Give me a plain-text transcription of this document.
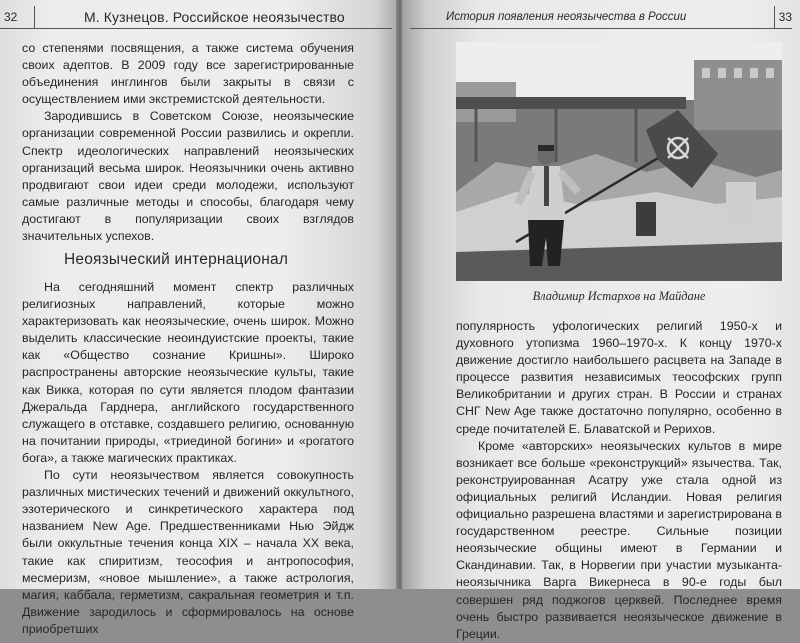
32	М. Кузнецов. Российское неоязычество

со степенями посвящения, а также система обучения своих адептов. В 2009 году все зарегистрированные объединения инглингов были закрыты в связи с осуществлением ими экстремистской деятельности.

Зародившись в Советском Союзе, неоязыческие организации современной России развились и окрепли. Спектр идеологических направлений неоязыческих организаций весьма широк. Неоязычники очень активно продвигают свои идеи среди молодежи, используют самые различные методы и способы, благодаря чему достигают в популяризации своих взглядов значительных успехов.

Неоязыческий интернационал

На сегодняшний момент спектр различных религиозных направлений, которые можно характеризовать как неоязыческие, очень широк. Можно выделить классические неоиндуистские проекты, такие как «Общество сознание Кришны». Широко распространены авторские неоязыческие культы, такие как Викка, которая по сути является плодом фантазии Джеральда Гарднера, английского государственного служащего в отставке, создавшего религию, основанную на почитании природы, «триединой богини» и «рогатого бога», а также магических практиках.

По сути неоязычеством является совокупность различных мистических течений и движений оккультного, эзотерического и синкретического характера под названием New Age. Предшественниками Нью Эйдж были оккультные течения конца XIX – начала XX века, такие как спиритизм, теософия и антропософия, месмеризм, «новое мышление», а также астрология, магия, каббала, герметизм, сакральная геометрия и т.п. Движение зародилось и сформировалось на основе приобретших

История появления неоязычества в России	33
Владимир Истархов на Майдане

популярность уфологических религий 1950-х и духовного утопизма 1960–1970-х. К концу 1970-х движение достигло наибольшего расцвета на Западе в процессе развития независимых теософских групп Великобритании и других стран. В России и странах СНГ New Age также достаточно популярно, особенно в среде почитателей Е. Блаватской и Рерихов.

Кроме «авторских» неоязыческих культов в мире возникает все больше «реконструкций» язычества. Так, реконструированная Асатру уже стала одной из официальных религий Исландии. Новая религия официально разрешена властями и зарегистрирована в государственном реестре. Сильные позиции неоязыческие общины имеют в Германии и Скандинавии. Так, в Норвегии при участии музыканта-неоязычника Варга Викернеса в 90-е годы был совершен ряд поджогов церквей. Последнее время очень быстро развивается неоязыческое движение в Греции.
